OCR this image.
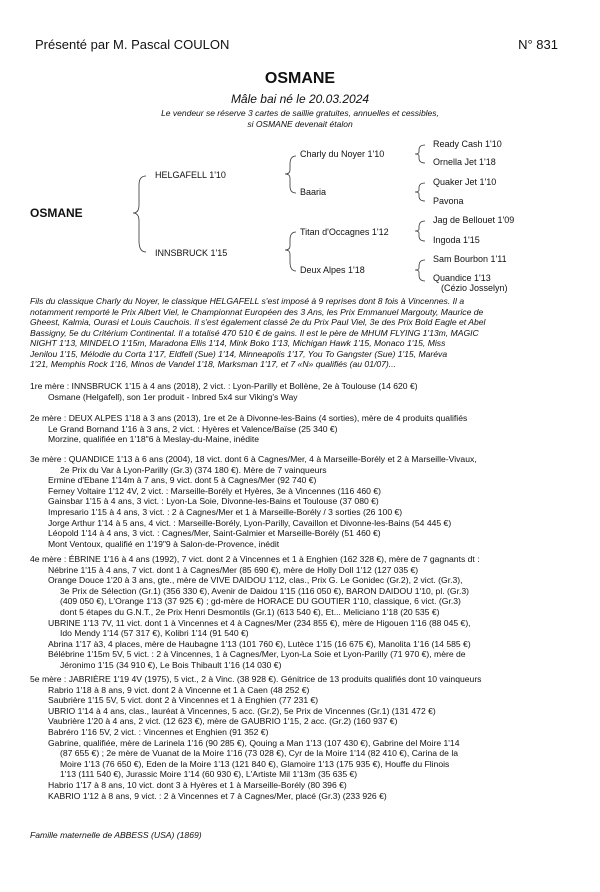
Présenté par M. Pascal COULON	N° 831
OSMANE
Mâle bai né le 20.03.2024
Le vendeur se réserve 3 cartes de saillie gratuites, annuelles et cessibles,
si OSMANE devenait étalon
OSMANE
HELGAFELL 1'10
INNSBRUCK 1'15
Charly du Noyer 1'10
Baaria
Titan d'Occagnes 1'12
Deux Alpes 1'18
Ready Cash 1'10
Ornella Jet 1'18
Quaker Jet 1'10
Pavona
Jag de Bellouet 1'09
Ingoda 1'15
Sam Bourbon 1'11
Quandice 1'13
(Cézio Josselyn)
Fils du classique Charly du Noyer, le classique HELGAFELL s'est imposé à 9 reprises dont 8 fois à Vincennes. Il a
notamment remporté le Prix Albert Viel, le Championnat Européen des 3 Ans, les Prix Emmanuel Margouty, Maurice de
Gheest, Kalmia, Ourasi et Louis Cauchois. Il s'est également classé 2e du Prix Paul Viel, 3e des Prix Bold Eagle et Abel
Bassigny, 5e du Critérium Continental. Il a totalisé 470 510 € de gains. Il est le père de MHUM FLYING 1'13m, MAGIC
NIGHT 1'13, MINDELO 1'15m, Maradona Ellis 1'14, Mink Boko 1'13, Michigan Hawk 1'15, Monaco 1'15, Miss
Jenilou 1'15, Mélodie du Corta 1'17, Eldfell (Sue) 1'14, Minneapolis 1'17, You To Gangster (Sue) 1'15, Maréva
1'21, Memphis Rock 1'16, Minos de Vandel 1'18, Marksman 1'17, et 7 «N» qualifiés (au 01/07)...
1re mère : INNSBRUCK 1'15 à 4 ans (2018), 2 vict. : Lyon-Parilly et Bollène, 2e à Toulouse (14 620 €)
Osmane (Helgafell), son 1er produit - Inbred 5x4 sur Viking's Way
2e mère : DEUX ALPES 1'18 à 3 ans (2013), 1re et 2e à Divonne-les-Bains (4 sorties), mère de 4 produits qualifiés
Le Grand Bornand 1'16 à 3 ans, 2 vict. : Hyères et Valence/Baïse (25 340 €)
Morzine, qualifiée en 1'18"6 à Meslay-du-Maine, inédite
3e mère : QUANDICE 1'13 à 6 ans (2004), 18 vict. dont 6 à Cagnes/Mer, 4 à Marseille-Borély et 2 à Marseille-Vivaux,
2e Prix du Var à Lyon-Parilly (Gr.3) (374 180 €). Mère de 7 vainqueurs
Ermine d'Ebane 1'14m à 7 ans, 9 vict. dont 5 à Cagnes/Mer (92 740 €)
Ferney Voltaire 1'12 4V, 2 vict. : Marseille-Borély et Hyères, 3e à Vincennes (116 460 €)
Gainsbar 1'15 à 4 ans, 3 vict. : Lyon-La Soie, Divonne-les-Bains et Toulouse (37 080 €)
Impresario 1'15 à 4 ans, 3 vict. : 2 à Cagnes/Mer et 1 à Marseille-Borély / 3 sorties (26 100 €)
Jorge Arthur 1'14 à 5 ans, 4 vict. : Marseille-Borély, Lyon-Parilly, Cavaillon et Divonne-les-Bains (54 445 €)
Léopold 1'14 à 4 ans, 3 vict. : Cagnes/Mer, Saint-Galmier et Marseille-Borély (51 460 €)
Mont Ventoux, qualifié en 1'19"9 à Salon-de-Provence, inédit
4e mère : ÉBRINE 1'16 à 4 ans (1992), 7 vict. dont 2 à Vincennes et 1 à Enghien (162 328 €), mère de 7 gagnants dt :
Nébrine 1'15 à 4 ans, 7 vict. dont 1 à Cagnes/Mer (85 690 €), mère de Holly Doll 1'12 (127 035 €)
Orange Douce 1'20 à 3 ans, gte., mère de VIVE DAIDOU 1'12, clas., Prix G. Le Gonidec (Gr.2), 2 vict. (Gr.3),
3e Prix de Sélection (Gr.1) (356 330 €), Avenir de Daidou 1'15 (116 050 €), BARON DAIDOU 1'10, pl. (Gr.3)
(409 050 €), L'Orange 1'13 (37 925 €) ; gd-mère de HORACE DU GOUTIER 1'10, classique, 6 vict. (Gr.3)
dont 5 étapes du G.N.T., 2e Prix Henri Desmontils (Gr.1) (613 540 €), Et... Meliciano 1'18 (20 535 €)
UBRINE 1'13 7V, 11 vict. dont 1 à Vincennes et 4 à Cagnes/Mer (234 855 €), mère de Higouen 1'16 (88 045 €),
Ido Mendy 1'14 (57 317 €), Kolibri 1'14 (91 540 €)
Abrina 1'17 à3, 4 places, mère de Haubagne 1'13 (101 760 €), Lutèce 1'15 (16 675 €), Manolita 1'16 (14 585 €)
Bélébrine 1'15m 5V, 5 vict. : 2 à Vincennes, 1 à Cagnes/Mer, Lyon-La Soie et Lyon-Parilly (71 970 €), mère de
Jéronimo 1'15 (34 910 €), Le Bois Thibault 1'16 (14 030 €)
5e mère : JABRIÈRE 1'19 4V (1975), 5 vict., 2 à Vinc. (38 928 €). Génitrice de 13 produits qualifiés dont 10 vainqueurs
Rabrio 1'18 à 8 ans, 9 vict. dont 2 à Vincenne et 1 à Caen (48 252 €)
Saubrière 1'15 5V, 5 vict. dont 2 à Vincennes et 1 à Enghien (77 231 €)
UBRIO 1'14 à 4 ans, clas., lauréat à Vincennes, 5 acc. (Gr.2), 5e Prix de Vincennes (Gr.1) (131 472 €)
Vaubrière 1'20 à 4 ans, 2 vict. (12 623 €), mère de GAUBRIO 1'15, 2 acc. (Gr.2) (160 937 €)
Babréro 1'16 5V, 2 vict. : Vincennes et Enghien (91 352 €)
Gabrine, qualifiée, mère de Larinela 1'16 (90 285 €), Qouing a Man 1'13 (107 430 €), Gabrine del Moire 1'14
(87 655 €) ; 2e mère de Vuanat de la Moire 1'16 (73 028 €), Cyr de la Moire 1'14 (82 410 €), Carina de la
Moire 1'13 (76 650 €), Eden de la Moire 1'13 (121 840 €), Glamoire 1'13 (175 935 €), Houffe du Flinois
1'13 (111 540 €), Jurassic Moire 1'14 (60 930 €), L'Artiste Mil 1'13m (35 635 €)
Habrio 1'17 à 8 ans, 10 vict. dont 3 à Hyères et 1 à Marseille-Borély (80 396 €)
KABRIO 1'12 à 8 ans, 9 vict. : 2 à Vincennes et 7 à Cagnes/Mer, placé (Gr.3) (233 926 €)
Famille maternelle de ABBESS (USA) (1869)
